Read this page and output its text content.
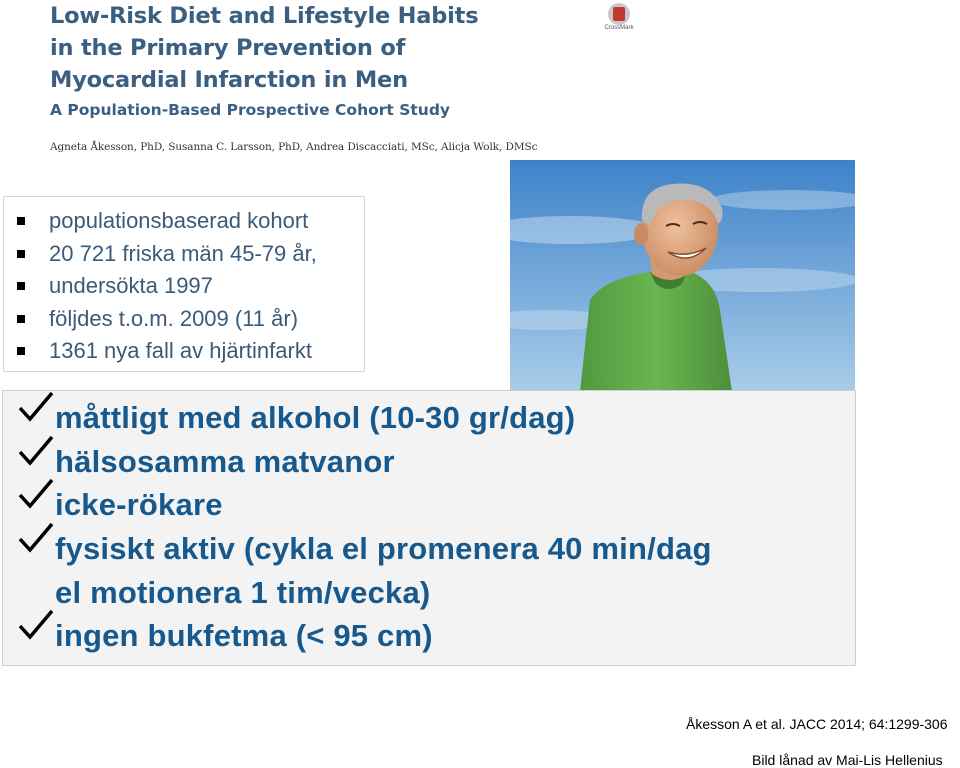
Low-Risk Diet and Lifestyle Habits
in the Primary Prevention of
Myocardial Infarction in Men
A Population-Based Prospective Cohort Study
Agneta Åkesson, PhD, Susanna C. Larsson, PhD, Andrea Discacciati, MSc, Alicja Wolk, DMSc
CrossMark
populationsbaserad kohort
20 721 friska män 45-79 år,
undersökta 1997
följdes t.o.m. 2009 (11 år)
1361 nya fall av hjärtinfarkt
måttligt med alkohol (10-30 gr/dag)
hälsosamma matvanor
icke-rökare
fysiskt aktiv (cykla el promenera 40 min/dag
el motionera 1 tim/vecka)
ingen bukfetma (< 95 cm)
Åkesson A et al. JACC 2014; 64:1299-306
Bild lånad av Mai-Lis Hellenius
